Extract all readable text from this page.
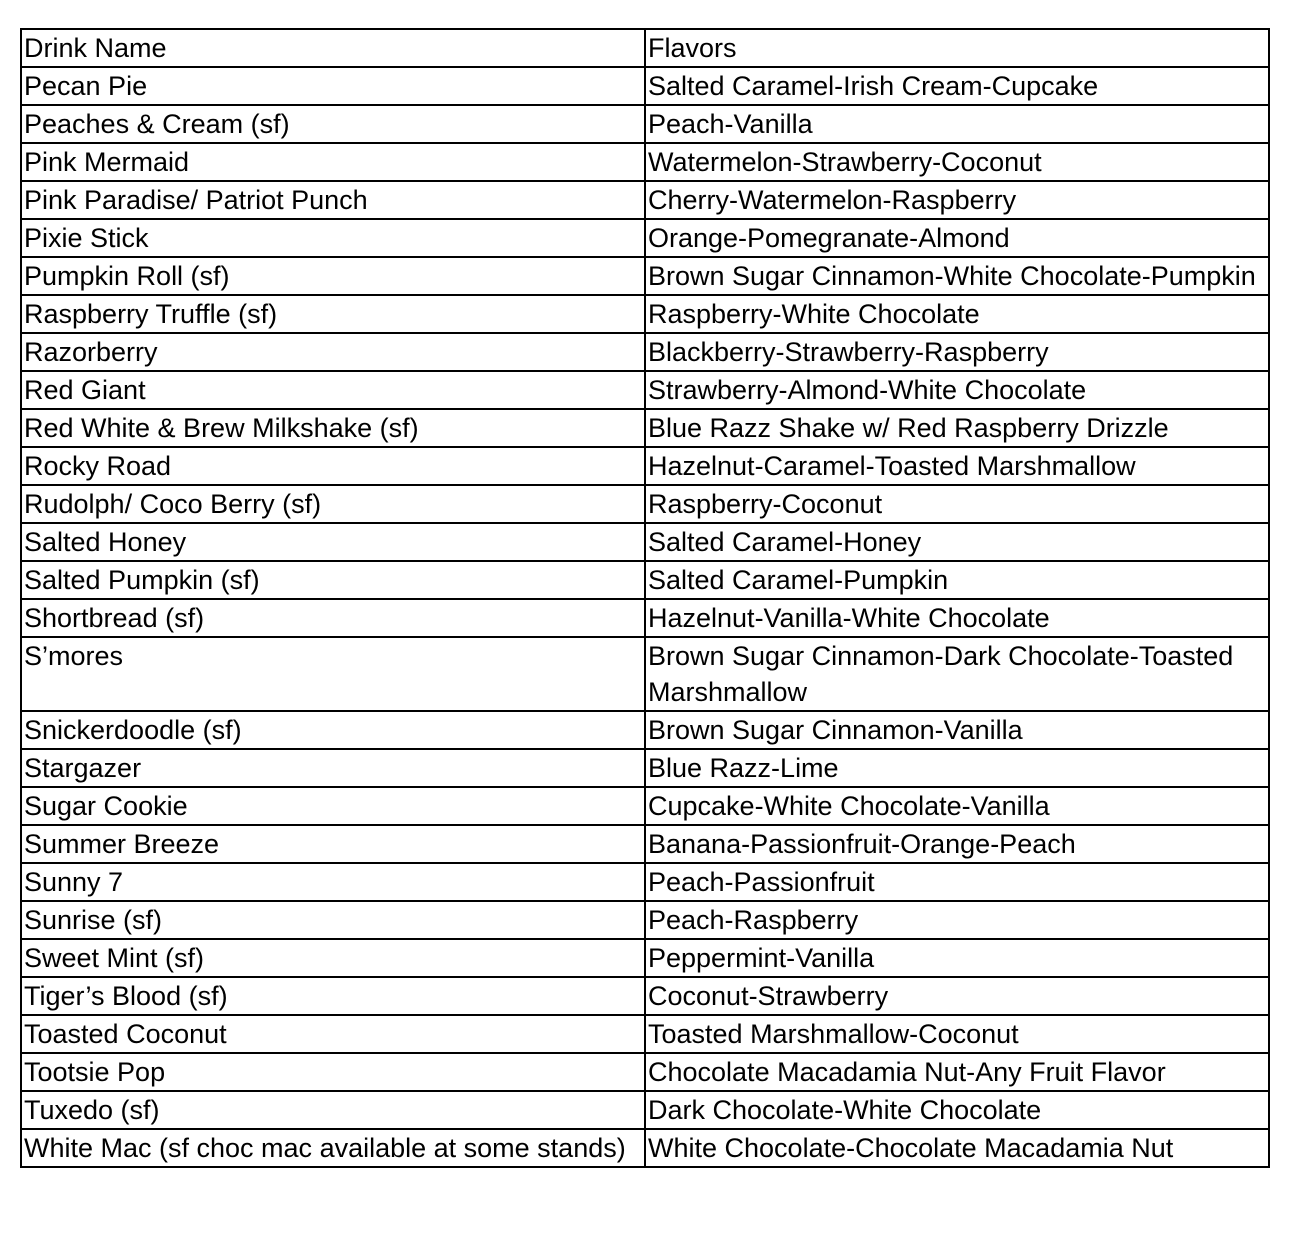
Drink Name	Flavors
Pecan Pie	Salted Caramel-Irish Cream-Cupcake
Peaches & Cream (sf)	Peach-Vanilla
Pink Mermaid	Watermelon-Strawberry-Coconut
Pink Paradise/ Patriot Punch	Cherry-Watermelon-Raspberry
Pixie Stick	Orange-Pomegranate-Almond
Pumpkin Roll (sf)	Brown Sugar Cinnamon-White Chocolate-Pumpkin
Raspberry Truffle (sf)	Raspberry-White Chocolate
Razorberry	Blackberry-Strawberry-Raspberry
Red Giant	Strawberry-Almond-White Chocolate
Red White & Brew Milkshake (sf)	Blue Razz Shake w/ Red Raspberry Drizzle
Rocky Road	Hazelnut-Caramel-Toasted Marshmallow
Rudolph/ Coco Berry (sf)	Raspberry-Coconut
Salted Honey	Salted Caramel-Honey
Salted Pumpkin (sf)	Salted Caramel-Pumpkin
Shortbread (sf)	Hazelnut-Vanilla-White Chocolate
S’mores	Brown Sugar Cinnamon-Dark Chocolate-Toasted Marshmallow
Snickerdoodle (sf)	Brown Sugar Cinnamon-Vanilla
Stargazer	Blue Razz-Lime
Sugar Cookie	Cupcake-White Chocolate-Vanilla
Summer Breeze	Banana-Passionfruit-Orange-Peach
Sunny 7	Peach-Passionfruit
Sunrise (sf)	Peach-Raspberry
Sweet Mint (sf)	Peppermint-Vanilla
Tiger’s Blood (sf)	Coconut-Strawberry
Toasted Coconut	Toasted Marshmallow-Coconut
Tootsie Pop	Chocolate Macadamia Nut-Any Fruit Flavor
Tuxedo (sf)	Dark Chocolate-White Chocolate
White Mac (sf choc mac available at some stands)	White Chocolate-Chocolate Macadamia Nut
